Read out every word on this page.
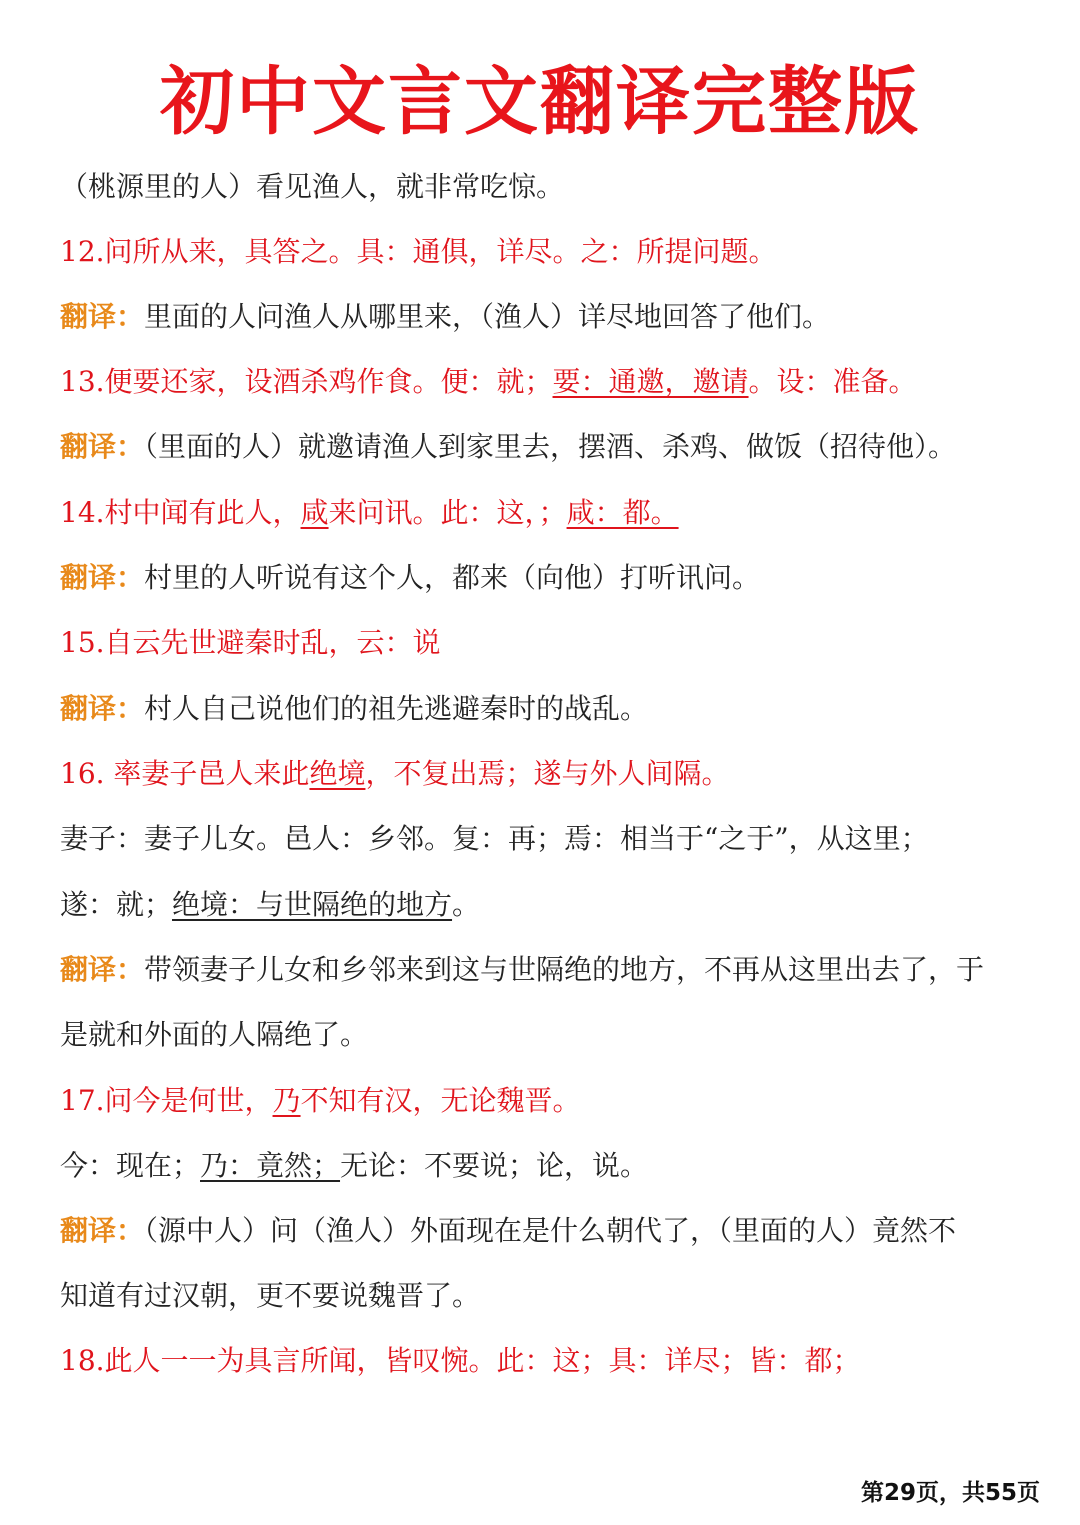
初中文言文翻译完整版
（桃源里的人）看见渔人，就非常吃惊。
12.问所从来，具答之。具：通俱，详尽。之：所提问题。
翻译：里面的人问渔人从哪里来，（渔人）详尽地回答了他们。
13.便要还家，设酒杀鸡作食。便：就；要：通邀，邀请。设：准备。
翻译：（里面的人）就邀请渔人到家里去，摆酒、杀鸡、做饭（招待他）。
14.村中闻有此人，咸来问讯。此：这，；咸：都。
翻译：村里的人听说有这个人，都来（向他）打听讯问。
15.自云先世避秦时乱，云：说
翻译：村人自己说他们的祖先逃避秦时的战乱。
16. 率妻子邑人来此绝境，不复出焉；遂与外人间隔。
妻子：妻子儿女。邑人：乡邻。复：再；焉：相当于“之于”，从这里；
遂：就；绝境：与世隔绝的地方。
翻译：带领妻子儿女和乡邻来到这与世隔绝的地方，不再从这里出去了，于
是就和外面的人隔绝了。
17.问今是何世，乃不知有汉，无论魏晋。
今：现在；乃：竟然；无论：不要说；论，说。
翻译：（源中人）问（渔人）外面现在是什么朝代了，（里面的人）竟然不
知道有过汉朝，更不要说魏晋了。
18.此人一一为具言所闻，皆叹惋。此：这；具：详尽；皆：都；
第29页，共55页
